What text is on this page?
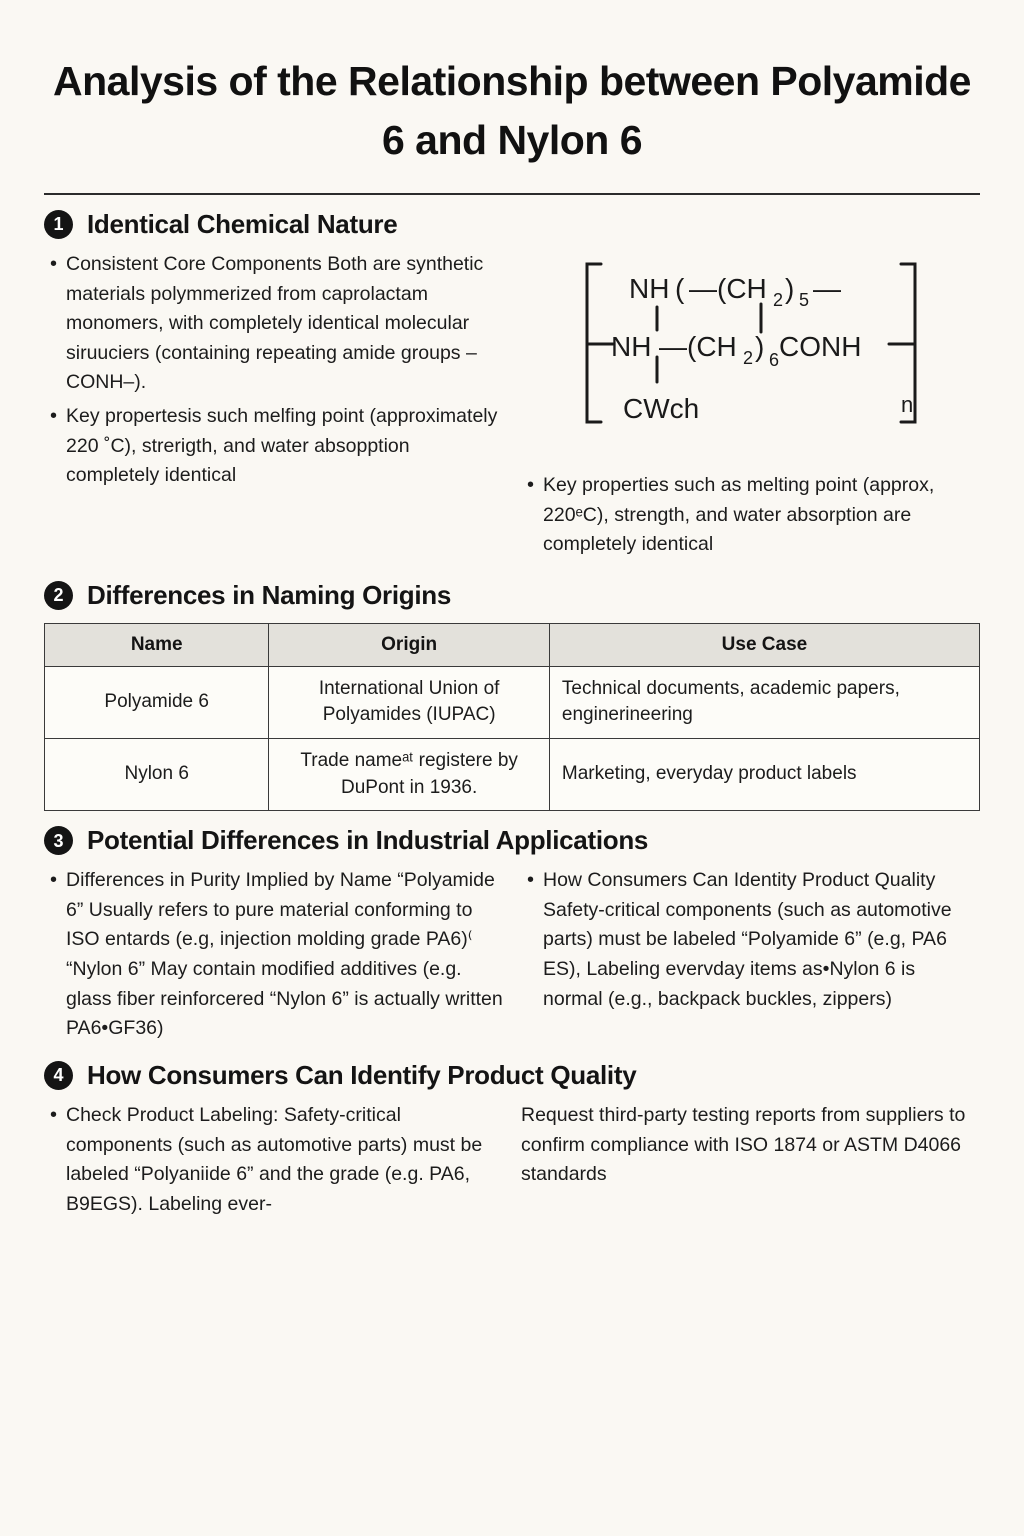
Analysis of the Relationship between Polyamide 6 and Nylon 6
1 Identical Chemical Nature
• Consistent Core Components Both are synthetic materials polymmerized from caprolactam monomers, with completely identical molecular siruuciers (containing repeating amide groups –CONH–).
• Key propertesis such melfing point (approximately 220 ˚C), strerigth, and water absopption completely identical
NH ( —(CH 2 ) 5 —
NH —(CH 2 ) 6 CONH
n
CWch
• Key properties such as melting point (approx, 220ᵉC), strength, and water absorption are completely identical
2 Differences in Naming Origins
Name	Origin	Use Case
Polyamide 6	International Union of Polyamides (IUPAC)	Technical documents, academic papers, enginerineering
Nylon 6	Trade nameᵃᵗ registere by DuPont in 1936.	Marketing, everyday product labels
3 Potential Differences in Industrial Applications
• Differences in Purity Implied by Name “Polyamide 6” Usually refers to pure material conforming to ISO entards (e.g, injection molding grade PA6)⁽ “Nylon 6” May contain modified additives (e.g. glass fiber reinforcered “Nylon 6” is actually written PA6•GF36)
• How Consumers Can Identity Product Quality Safety-critical components (such as automotive parts) must be labeled “Polyamide 6” (e.g, PA6 ES), Labeling evervday items as•Nylon 6 is normal (e.g., backpack buckles, zippers)
4 How Consumers Can Identify Product Quality
• Check Product Labeling: Safety-critical components (such as automotive parts) must be labeled “Polyaniide 6” and the grade (e.g. PA6, B9EGS). Labeling ever-
Request third-party testing reports from suppliers to confirm compliance with ISO 1874 or ASTM D4066 standards
